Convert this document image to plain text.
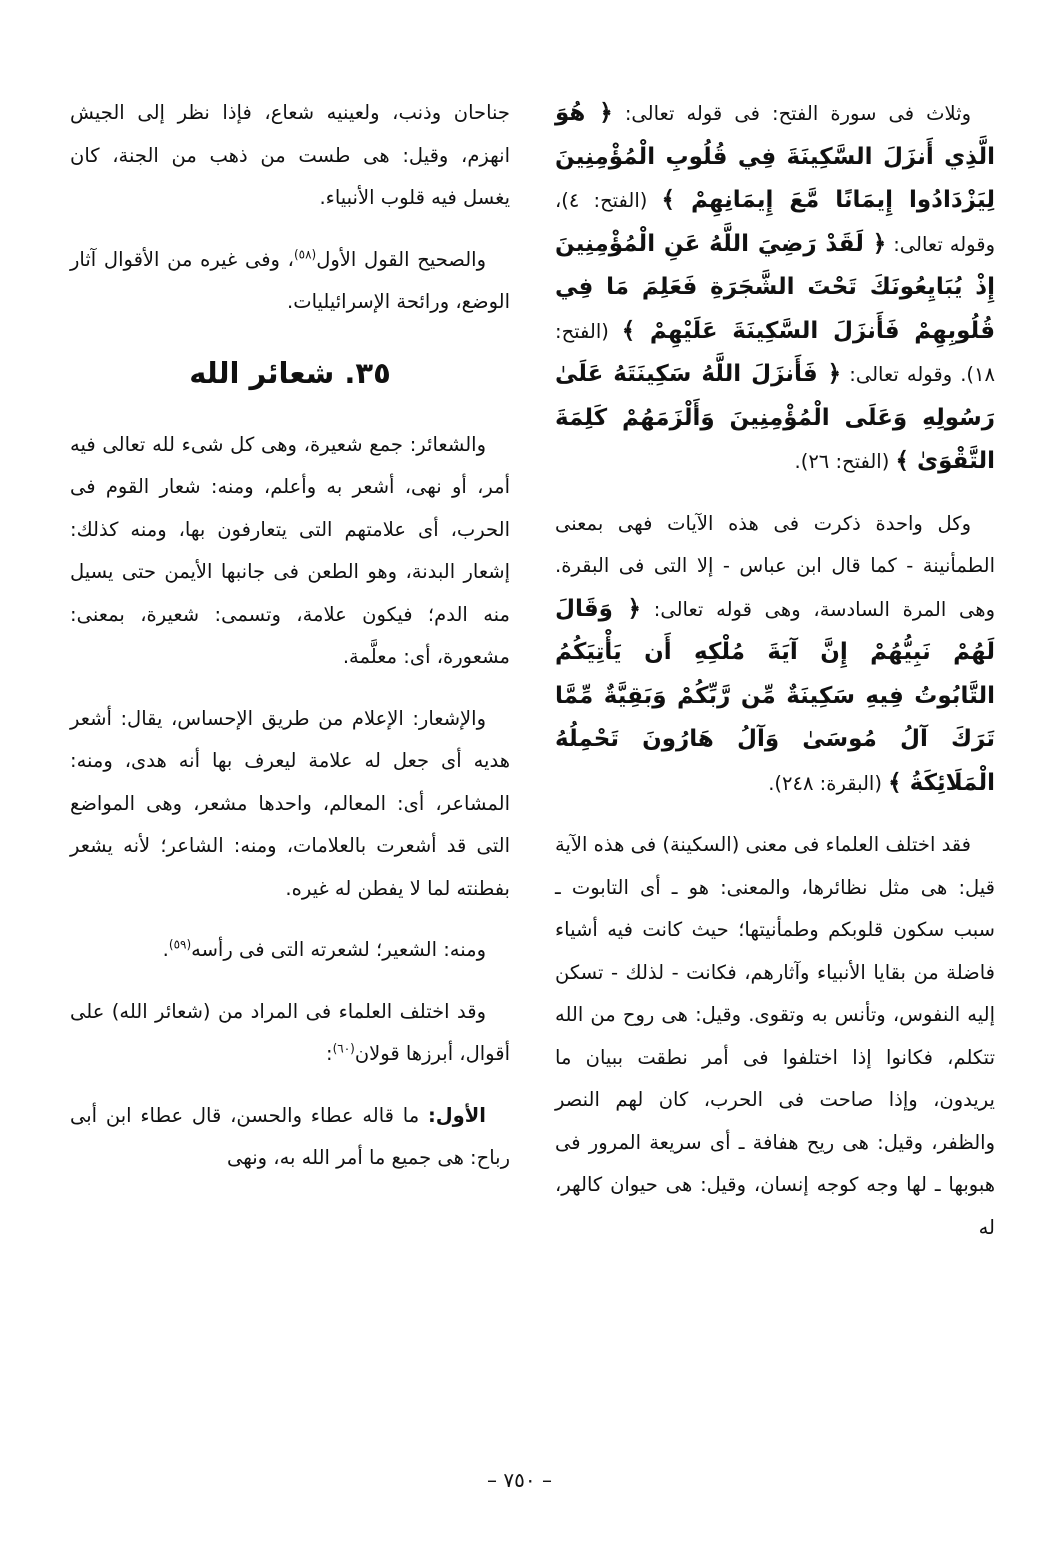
وثلاث فى سورة الفتح: فى قوله تعالى: ﴿ هُوَ الَّذِي أَنزَلَ السَّكِينَةَ فِي قُلُوبِ الْمُؤْمِنِينَ لِيَزْدَادُوا إِيمَانًا مَّعَ إِيمَانِهِمْ ﴾ (الفتح: ٤)، وقوله تعالى: ﴿ لَقَدْ رَضِيَ اللَّهُ عَنِ الْمُؤْمِنِينَ إِذْ يُبَايِعُونَكَ تَحْتَ الشَّجَرَةِ فَعَلِمَ مَا فِي قُلُوبِهِمْ فَأَنزَلَ السَّكِينَةَ عَلَيْهِمْ ﴾ (الفتح: ١٨). وقوله تعالى: ﴿ فَأَنزَلَ اللَّهُ سَكِينَتَهُ عَلَىٰ رَسُولِهِ وَعَلَى الْمُؤْمِنِينَ وَأَلْزَمَهُمْ كَلِمَةَ التَّقْوَىٰ ﴾ (الفتح: ٢٦).

وكل واحدة ذكرت فى هذه الآيات فهى بمعنى الطمأنينة - كما قال ابن عباس - إلا التى فى البقرة. وهى المرة السادسة، وهى قوله تعالى: ﴿ وَقَالَ لَهُمْ نَبِيُّهُمْ إِنَّ آيَةَ مُلْكِهِ أَن يَأْتِيَكُمُ التَّابُوتُ فِيهِ سَكِينَةٌ مِّن رَّبِّكُمْ وَبَقِيَّةٌ مِّمَّا تَرَكَ آلُ مُوسَىٰ وَآلُ هَارُونَ تَحْمِلُهُ الْمَلَائِكَةُ ﴾ (البقرة: ٢٤٨).

فقد اختلف العلماء فى معنى (السكينة) فى هذه الآية قيل: هى مثل نظائرها، والمعنى: هو ـ أى التابوت ـ سبب سكون قلوبكم وطمأنيتها؛ حيث كانت فيه أشياء فاضلة من بقايا الأنبياء وآثارهم، فكانت - لذلك - تسكن إليه النفوس، وتأنس به وتقوى. وقيل: هى روح من الله تتكلم، فكانوا إذا اختلفوا فى أمر نطقت ببيان ما يريدون، وإذا صاحت فى الحرب، كان لهم النصر والظفر، وقيل: هى ريح هفافة ـ أى سريعة المرور فى هبوبها ـ لها وجه كوجه إنسان، وقيل: هى حيوان كالهر، له

جناحان وذنب، ولعينيه شعاع، فإذا نظر إلى الجيش انهزم، وقيل: هى طست من ذهب من الجنة، كان يغسل فيه قلوب الأنبياء.

والصحيح القول الأول$^{(٥٨)}$، وفى غيره من الأقوال آثار الوضع، ورائحة الإسرائيليات.

٣٥. شعائر الله

والشعائر: جمع شعيرة، وهى كل شىء لله تعالى فيه أمر، أو نهى، أشعر به وأعلم، ومنه: شعار القوم فى الحرب، أى علامتهم التى يتعارفون بها، ومنه كذلك: إشعار البدنة، وهو الطعن فى جانبها الأيمن حتى يسيل منه الدم؛ فيكون علامة، وتسمى: شعيرة، بمعنى: مشعورة، أى: معلَّمة.

والإشعار: الإعلام من طريق الإحساس، يقال: أشعر هديه أى جعل له علامة ليعرف بها أنه هدى، ومنه: المشاعر، أى: المعالم، واحدها مشعر، وهى المواضع التى قد أشعرت بالعلامات، ومنه: الشاعر؛ لأنه يشعر بفطنته لما لا يفطن له غيره.

ومنه: الشعير؛ لشعرته التى فى رأسه$^{(٥٩)}$.

وقد اختلف العلماء فى المراد من (شعائر الله) على أقوال، أبرزها قولان$^{(٦٠)}$:

الأول: ما قاله عطاء والحسن، قال عطاء ابن أبى رباح: هى جميع ما أمر الله به، ونهى

– ٧٥٠ –
